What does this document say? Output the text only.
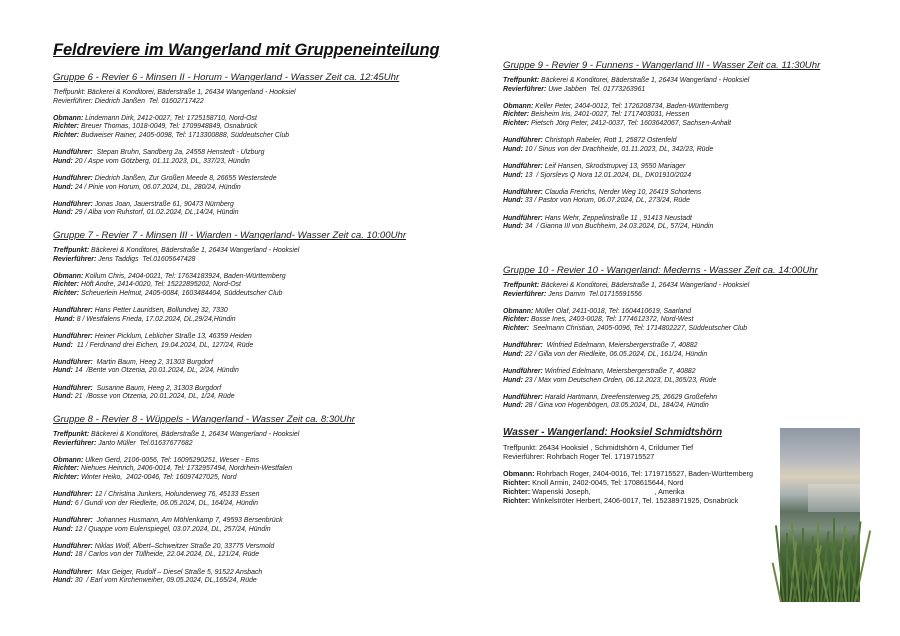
Feldreviere im Wangerland mit Gruppeneinteilung
Gruppe 6 - Revier 6 - Minsen II - Horum - Wangerland - Wasser Zeit ca. 12:45Uhr
Treffpunkt: Bäckerei & Konditorei, Bäderstraße 1, 26434 Wangerland - Hooksiel
Revierführer: Diedrich Janßen  Tel. 01602717422
Obmann: Lindemann Dirk, 2412-0027, Tel: 1725158710, Nord-Ost
Richter: Breuer Thomas, 1018-0049, Tel: 1709948849, Osnabrück
Richter: Budweiser Rainer, 2405-0098, Tel: 1713300888, Süddeutscher Club
Hundführer:  Stepan Bruhn, Sandberg 2a, 24558 Henstedt - Ulzburg
Hund: 20 / Aspe vom Götzberg, 01.11.2023, DL, 337/23, Hündin
Hundführer: Diedrich Janßen, Zur Großen Meede 8, 26655 Westerstede
Hund: 24 / Pinie von Horum, 06.07.2024, DL, 280/24, Hündin
Hundführer: Jonas Joan, Jauerstraße 61, 90473 Nürnberg
Hund: 29 / Alba von Ruhstorf, 01.02.2024, DL,14/24, Hündin
Gruppe 7 - Revier 7 - Minsen III - Wiarden - Wangerland- Wasser Zeit ca. 10:00Uhr
Treffpunkt: Bäckerei & Konditorei, Bäderstraße 1, 26434 Wangerland - Hooksiel
Revierführer: Jens Taddigs  Tel.01605647428
Obmann: Kollum Chris, 2404-0021, Tel: 17634183924, Baden-Württemberg
Richter: Höft Andre, 2414-0020, Tel: 15222895202, Nord-Ost
Richter: Scheuerlein Helmut, 2405-0084, 1603484404, Süddeutscher Club
Hundführer: Hans Petter Lauridsen, Bollundvej 32, 7330
Hund: 8 / Westfalens Frieda, 17.02.2024, DL,29/24,Hündin
Hundführer: Heiner Picklum, Leblicher Straße 13, 46359 Heiden
Hund:  11 / Ferdinand drei Eichen, 19.04.2024, DL, 127/24, Rüde
Hundführer:  Martin Baum, Heeg 2, 31303 Burgdorf
Hund: 14  /Bente von Otzenia, 20.01.2024, DL, 2/24, Hündin
Hundführer:  Susanne Baum, Heeg 2, 31303 Burgdorf
Hund: 21  /Bosse von Otzenia, 20.01.2024, DL, 1/24, Rüde
Gruppe 8 - Revier 8 - Wüppels - Wangerland - Wasser Zeit ca. 8:30Uhr
Treffpunkt: Bäckerei & Konditorei, Bäderstraße 1, 26434 Wangerland - Hooksiel
Revierführer: Janto Müller  Tel.01637677682
Obmann: Ulken Gerd, 2106-0056, Tel: 16095290251, Weser - Ems
Richter: Niehues Heinrich, 2406-0014, Tel: 1732957494, Nordrhein-Westfalen
Richter: Winter Heiko,  2402-0046, Tel: 16097427025, Nord
Hundführer: 12 / Christina Junkers, Holunderweg 76, 45133 Essen
Hund: 6 / Gundi von der Riedleite, 06.05.2024, DL, 164/24, Hündin
Hundführer:  Johannes Husmann, Am Möhlenkamp 7, 49593 Bersenbrück
Hund: 12 / Quappe vom Eulenspiegel, 03.07.2024, DL, 257/24, Hündin
Hundführer: Niklas Wolf, Albert–Schweitzer Straße 20, 33775 Versmold
Hund: 18 / Carlos von der Tüllheide, 22.04.2024, DL, 121/24, Rüde
Hundführer:  Max Geiger, Rudolf – Diesel Straße 5, 91522 Ansbach
Hund: 30  / Earl vom Kirchenweiher, 09.05.2024, DL,165/24, Rüde
Gruppe 9 - Revier 9 - Funnens - Wangerland III - Wasser Zeit ca. 11:30Uhr
Treffpunkt: Bäckerei & Konditorei, Bäderstraße 1, 26434 Wangerland - Hooksiel
Revierführer: Uwe Jabben  Tel. 01773263961
Obmann: Keller Peter, 2404-0012, Tel: 1726208734, Baden-Württemberg
Richter: Beisheim Iris, 2401-0027, Tel: 1717403031, Hessen
Richter: Pietsch Jörg Peter, 2412-0037, Tel: 1603642067, Sachsen-Anhalt
Hundführer: Christoph Rabeler, Rott 1, 25872 Ostenfeld
Hund: 10 / Sinus von der Drachheide, 01.11.2023, DL, 342/23, Rüde
Hundführer: Leif Hansen, Skrodstrupvej 13, 9550 Mariager
Hund: 13  / Sjorslevs Q Nora 12.01.2024, DL, DK01910/2024
Hundführer: Claudia Frerichs, Nerder Weg 10, 26419 Schortens
Hund: 33 / Pastor von Horum, 06.07.2024, DL, 273/24, Rüde
Hundführer: Hans Wehr, Zeppelinstraße 11 , 91413 Neustadt
Hund: 34  / Gianna III von Buchheim, 24.03.2024, DL, 57/24, Hündin
Gruppe 10 - Revier 10 - Wangerland: Mederns - Wasser Zeit ca. 14:00Uhr
Treffpunkt: Bäckerei & Konditorei, Bäderstraße 1, 26434 Wangerland - Hooksiel
Revierführer: Jens Damm  Tel.01715591556
Obmann: Müller Olaf, 2411-0018, Tel: 1604410619, Saarland
Richter: Bosse Ines, 2403-0028, Tel: 1774612372, Nord-West
Richter:  Seelmann Christian, 2405-0096, Tel: 1714802227, Süddeutscher Club
Hundführer:  Winfried Edelmann, Meiersbergerstraße 7, 40882
Hund: 22 / Gilla von der Riedleite, 06.05.2024, DL, 161/24, Hündin
Hundführer: Winfried Edelmann, Meiersbergerstraße 7, 40882
Hund: 23 / Max vom Deutschen Orden, 06.12.2023, DL,365/23, Rüde
Hundführer: Harald Hartmann, Dreefensterweg 25, 26629 Großefehn
Hund: 28 / Gina von Hogenbögen, 03.05.2024, DL, 184/24, Hündin
Wasser - Wangerland: Hooksiel Schmidtshörn
Treffpunkt: 26434 Hooksiel , Schmidtshörn 4, Crildumer Tief
Revierführer: Rohrbach Roger Tel. 1719715527
Obmann: Rohrbach Roger, 2404-0016, Tel: 1719715527, Baden-Württemberg
Richter: Knoll Armin, 2402-0045, Tel: 1708615644, Nord
Richter: Wapenski Joseph,                                , Amerika
Richter: Winkelströter Herbert, 2406-0017, Tel. 15238971925, Osnabrück
